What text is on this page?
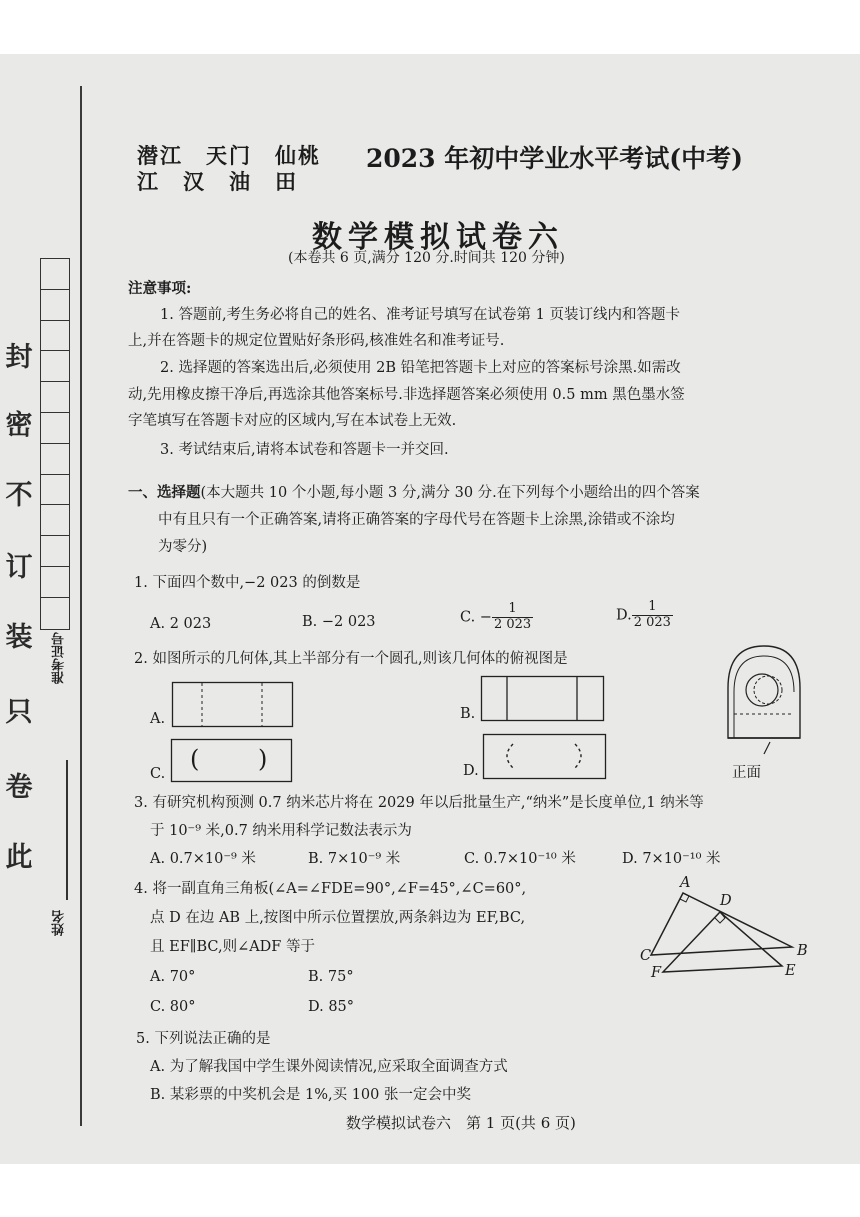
此
卷
只
装
订
不
密
封
准考证号
姓名
潜江　天门　仙桃
江　汉　油　田
2023 年初中学业水平考试(中考)
数学模拟试卷六
(本卷共 6 页,满分 120 分.时间共 120 分钟)
注意事项:
1. 答题前,考生务必将自己的姓名、准考证号填写在试卷第 1 页装订线内和答题卡
上,并在答题卡的规定位置贴好条形码,核准姓名和准考证号.
2. 选择题的答案选出后,必须使用 2B 铅笔把答题卡上对应的答案标号涂黑.如需改
动,先用橡皮擦干净后,再选涂其他答案标号.非选择题答案必须使用 0.5 mm 黑色墨水签
字笔填写在答题卡对应的区域内,写在本试卷上无效.
3. 考试结束后,请将本试卷和答题卡一并交回.
一、选择题(本大题共 10 个小题,每小题 3 分,满分 30 分.在下列每个小题给出的四个答案
中有且只有一个正确答案,请将正确答案的字母代号在答题卡上涂黑,涂错或不涂均
为零分)
1. 下面四个数中,−2 023 的倒数是
A. 2 023	B. −2 023	C. − $\frac{1}{2 023}$	D. $\frac{1}{2 023}$
2. 如图所示的几何体,其上半部分有一个圆孔,则该几何体的俯视图是
A.	B.
C.
( )	D.	正面
3. 有研究机构预测 0.7 纳米芯片将在 2029 年以后批量生产,“纳米”是长度单位,1 纳米等
于 10⁻⁹ 米,0.7 纳米用科学记数法表示为
A. 0.7×10⁻⁹ 米	B. 7×10⁻⁹ 米	C. 0.7×10⁻¹⁰ 米	D. 7×10⁻¹⁰ 米
4. 将一副直角三角板(∠A=∠FDE=90°,∠F=45°,∠C=60°,
点 D 在边 AB 上,按图中所示位置摆放,两条斜边为 EF,BC,
且 EF∥BC,则∠ADF 等于
A. 70°	B. 75°
C. 80°	D. 85°
A
D
B
C
F	E
5. 下列说法正确的是
A. 为了解我国中学生课外阅读情况,应采取全面调查方式
B. 某彩票的中奖机会是 1%,买 100 张一定会中奖
数学模拟试卷六　第 1 页(共 6 页)
